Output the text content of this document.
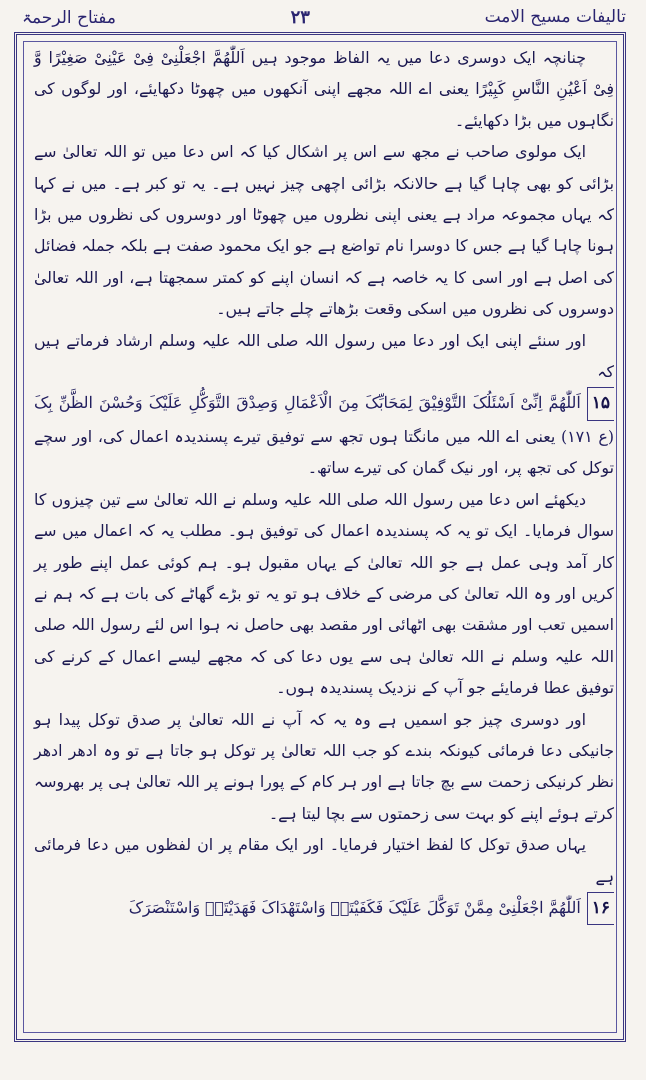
تالیفات مسیح الامت
۲۳
مفتاح الرحمۃ

چنانچہ ایک دوسری دعا میں یہ الفاظ موجود ہیں اَللّٰھُمَّ اجْعَلْنِیْ فِیْ عَیْنِیْ صَغِیْرًا وَّ فِیْ اَعْیُنِ النَّاسِ کَبِیْرًا یعنی اے اللہ مجھے اپنی آنکھوں میں چھوٹا دکھایئے، اور لوگوں کی نگاہوں میں بڑا دکھایئے۔

ایک مولوی صاحب نے مجھ سے اس پر اشکال کیا کہ اس دعا میں تو اللہ تعالیٰ سے بڑائی کو بھی چاہا گیا ہے حالانکہ بڑائی اچھی چیز نہیں ہے۔ یہ تو کبر ہے۔ میں نے کہا کہ یہاں مجموعہ مراد ہے یعنی اپنی نظروں میں چھوٹا اور دوسروں کی نظروں میں بڑا ہونا چاہا گیا ہے جس کا دوسرا نام تواضع ہے جو ایک محمود صفت ہے بلکہ جملہ فضائل کی اصل ہے اور اسی کا یہ خاصہ ہے کہ انسان اپنے کو کمتر سمجھتا ہے، اور اللہ تعالیٰ دوسروں کی نظروں میں اسکی وقعت بڑھاتے چلے جاتے ہیں۔

اور سنئے اپنی ایک اور دعا میں رسول اللہ صلی اللہ علیہ وسلم ارشاد فرماتے ہیں کہ

۱۵اَللّٰھُمَّ اِنِّیْ اَسْئَلُکَ التَّوْفِیْقَ لِمَحَابِّکَ مِنَ الْاَعْمَالِ وَصِدْقَ التَّوَکُّلِ عَلَیْکَ وَحُسْنَ الظَّنِّ بِکَ (ع ۱۷۱) یعنی اے اللہ میں مانگتا ہوں تجھ سے توفیق تیرے پسندیدہ اعمال کی، اور سچے توکل کی تجھ پر، اور نیک گمان کی تیرے ساتھ۔

دیکھئے اس دعا میں رسول اللہ صلی اللہ علیہ وسلم نے اللہ تعالیٰ سے تین چیزوں کا سوال فرمایا۔ ایک تو یہ کہ پسندیدہ اعمال کی توفیق ہو۔ مطلب یہ کہ اعمال میں سے کار آمد وہی عمل ہے جو اللہ تعالیٰ کے یہاں مقبول ہو۔ ہم کوئی عمل اپنے طور پر کریں اور وہ اللہ تعالیٰ کی مرضی کے خلاف ہو تو یہ تو بڑے گھاٹے کی بات ہے کہ ہم نے اسمیں تعب اور مشقت بھی اٹھائی اور مقصد بھی حاصل نہ ہوا اس لئے رسول اللہ صلی اللہ علیہ وسلم نے اللہ تعالیٰ ہی سے یوں دعا کی کہ مجھے لیسے اعمال کے کرنے کی توفیق عطا فرمایئے جو آپ کے نزدیک پسندیدہ ہوں۔

اور دوسری چیز جو اسمیں ہے وہ یہ کہ آپ نے اللہ تعالیٰ پر صدق توکل پیدا ہو جانیکی دعا فرمائی کیونکہ بندے کو جب اللہ تعالیٰ پر توکل ہو جاتا ہے تو وہ ادھر ادھر نظر کرنیکی زحمت سے بچ جاتا ہے اور ہر کام کے پورا ہونے پر اللہ تعالیٰ ہی پر بھروسہ کرتے ہوئے اپنے کو بہت سی زحمتوں سے بچا لیتا ہے۔

یہاں صدق توکل کا لفظ اختیار فرمایا۔ اور ایک مقام پر ان لفظوں میں دعا فرمائی ہے

۱۶اَللّٰھُمَّ اجْعَلْنِیْ مِمَّنْ تَوَکَّلَ عَلَیْکَ فَکَفَیْتَہٗ وَاسْتَھْدَاکَ فَھَدَیْتَہٗ وَاسْتَنْصَرَکَ
